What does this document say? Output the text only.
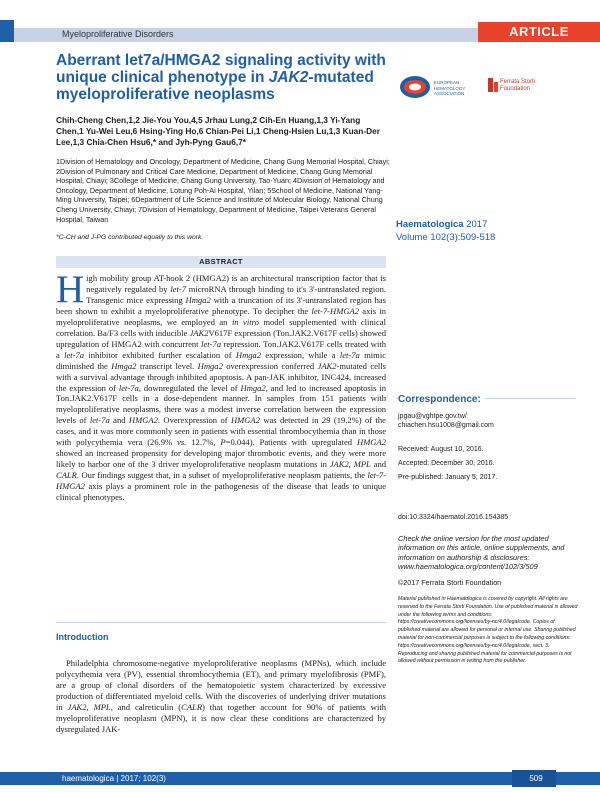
Myeloproliferative Disorders	ARTICLE
Aberrant let7a/HMGA2 signaling activity with unique clinical phenotype in JAK2-mutated myeloproliferative neoplasms
Chih-Cheng Chen,1,2 Jie-You You,4,5 Jrhau Lung,2 Cih-En Huang,1,3 Yi-Yang Chen,1 Yu-Wei Leu,6 Hsing-Ying Ho,6 Chian-Pei Li,1 Cheng-Hsien Lu,1,3 Kuan-Der Lee,1,3 Chia-Chen Hsu6,* and Jyh-Pyng Gau6,7*
1Division of Hematology and Oncology, Department of Medicine, Chang Gung Memorial Hospital, Chiayi; 2Division of Pulmonary and Critical Care Medicine, Department of Medicine, Chang Gung Memorial Hospital, Chiayi; 3College of Medicine, Chang Gung University, Tao-Yuan; 4Division of Hematology and Oncology, Department of Medicine, Lotung Poh-Ai Hospital, Yilan; 5School of Medicine, National Yang-Ming University, Taipei; 6Department of Life Science and Institute of Molecular Biology, National Chung Cheng University, Chiayi; 7Division of Hematology, Department of Medicine, Taipei Veterans General Hospital, Taiwan
*C-CH and J-PG contributed equally to this work.
EUROPEAN HEMATOLOGY ASSOCIATION
Ferrata Storti
Foundation
Haematologica 2017
Volume 102(3):509-518
ABSTRACT
High mobility group AT-hook 2 (HMGA2) is an architectural transcription factor that is negatively regulated by let-7 microRNA through binding to it's 3'-untranslated region. Transgenic mice expressing Hmga2 with a truncation of its 3'-untranslated region has been shown to exhibit a myeloproliferative phenotype. To decipher the let-7-HMGA2 axis in myeloproliferative neoplasms, we employed an in vitro model supplemented with clinical correlation. Ba/F3 cells with inducible JAK2V617F expression (Ton.JAK2.V617F cells) showed upregulation of HMGA2 with concurrent let-7a repression. Ton.JAK2.V617F cells treated with a let-7a inhibitor exhibited further escalation of Hmga2 expression, while a let-7a mimic diminished the Hmga2 transcript level. Hmga2 overexpression conferred JAK2-mutated cells with a survival advantage through inhibited apoptosis. A pan-JAK inhibitor, INC424, increased the expression of let-7a, downregulated the level of Hmga2, and led to increased apoptosis in Ton.JAK2.V617F cells in a dose-dependent manner. In samples from 151 patients with myeloproliferative neoplasms, there was a modest inverse correlation between the expression levels of let-7a and HMGA2. Overexpression of HMGA2 was detected in 29 (19.2%) of the cases, and it was more commonly seen in patients with essential thrombocythemia than in those with polycythemia vera (26.9% vs. 12.7%, P=0.044). Patients with upregulated HMGA2 showed an increased propensity for developing major thrombotic events, and they were more likely to harbor one of the 3 driver myeloproliferative neoplasm mutations in JAK2, MPL and CALR. Our findings suggest that, in a subset of myeloproliferative neoplasm patients, the let-7-HMGA2 axis plays a prominent role in the pathogenesis of the disease that leads to unique clinical phenotypes.
Introduction
Philadelphia chromosome-negative myeloproliferative neoplasms (MPNs), which include polycythemia vera (PV), essential thrombocythemia (ET), and primary myelofibrosis (PMF), are a group of clonal disorders of the hematopoietic system characterized by excessive production of differentiated myeloid cells. With the discoveries of underlying driver mutations in JAK2, MPL, and calreticulin (CALR) that together account for 90% of patients with myeloproliferative neoplasm (MPN), it is now clear these conditions are characterized by dysregulated JAK-
Correspondence:
jpgau@vghtpe.gov.tw/
chiachen.hsu1008@gmail.com
Received: August 10, 2016.
Accepted: December 30, 2016.
Pre-published: January 5, 2017.
doi:10.3324/haematol.2016.154385
Check the online version for the most updated information on this article, online supplements, and information on authorship & disclosures: www.haematologica.org/content/102/3/509
©2017 Ferrata Storti Foundation
Material published in Haematologica is covered by copyright. All rights are reserved to the Ferrata Storti Foundation. Use of published material is allowed under the following terms and conditions: https://creativecommons.org/licenses/by-nc/4.0/legalcode. Copies of published material are allowed for personal or internal use. Sharing published material for non-commercial purposes is subject to the following conditions: https://creativecommons.org/licenses/by-nc/4.0/legalcode, sect. 3. Reproducing and sharing published material for commercial purposes is not allowed without permission in writing from the publisher.
haematologica | 2017; 102(3)	509
